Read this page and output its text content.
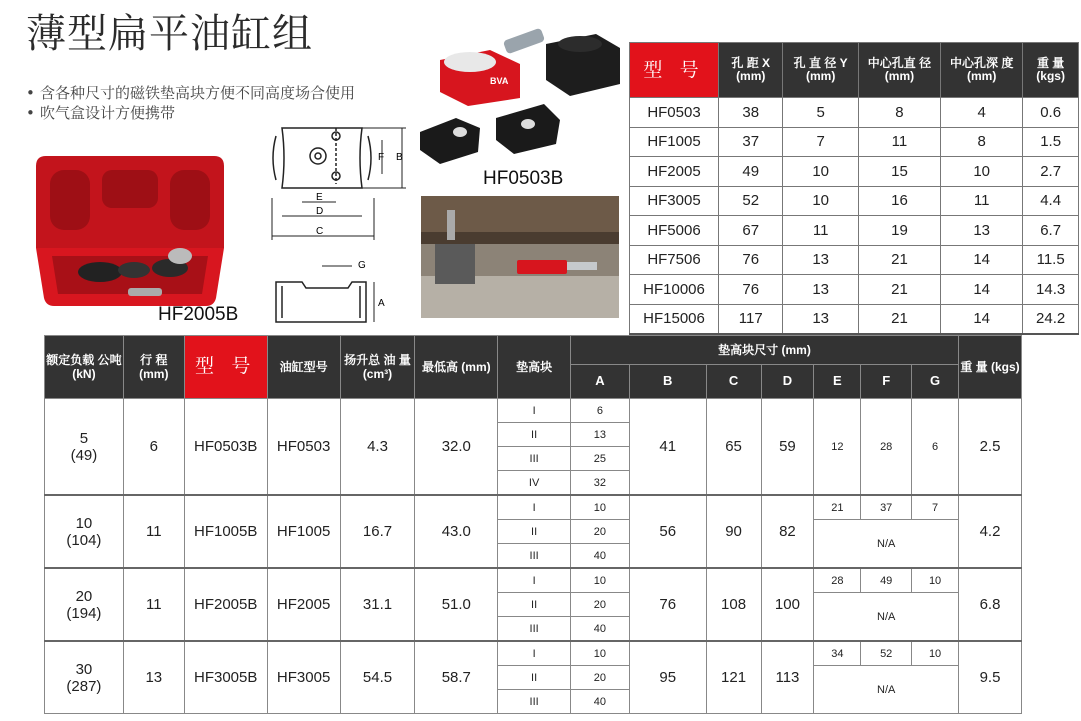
薄型扁平油缸组
• 含各种尺寸的磁铁垫高块方便不同高度场合使用
• 吹气盒设计方便携带
HF2005B
F B
E
D
C
G
A
BVA
HF0503B
型 号	孔 距 X (mm)	孔 直 径 Y (mm)	中心孔直 径 (mm)	中心孔深 度 (mm)	重 量 (kgs)
HF0503	38	5	8	4	0.6
HF1005	37	7	11	8	1.5
HF2005	49	10	15	10	2.7
HF3005	52	10	16	11	4.4
HF5006	67	11	19	13	6.7
HF7506	76	13	21	14	11.5
HF10006	76	13	21	14	14.3
HF15006	117	13	21	14	24.2
额定负载 公吨 (kN)	行 程 (mm)	型 号	油缸型号	扬升总 油 量 (cm³)	最低高 (mm)	垫高块	垫高块尺寸 (mm)							重 量 (kgs)
							A	B	C	D	E	F	G	
5
(49)	6	HF0503B	HF0503	4.3	32.0	I	6	41	65	59	12	28	6	2.5
						II	13							
						III	25							
						IV	32							
10
(104)	11	HF1005B	HF1005	16.7	43.0	I	10	56	90	82	21	37	7	4.2
						II	20				N/A			
						III	40							
20
(194)	11	HF2005B	HF2005	31.1	51.0	I	10	76	108	100	28	49	10	6.8
						II	20				N/A			
						III	40							
30
(287)	13	HF3005B	HF3005	54.5	58.7	I	10	95	121	113	34	52	10	9.5
						II	20				N/A			
						III	40							
